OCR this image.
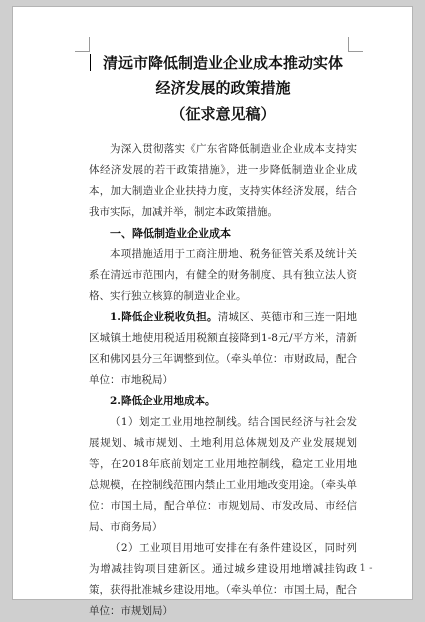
清远市降低制造业企业成本推动实体
经济发展的政策措施
（征求意见稿）

为深入贯彻落实《广东省降低制造业企业成本支持实体经济发展的若干政策措施》，进一步降低制造业企业成本，加大制造业企业扶持力度，支持实体经济发展，结合我市实际，加减并举，制定本政策措施。

一、降低制造业企业成本

本项措施适用于工商注册地、税务征管关系及统计关系在清远市范围内，有健全的财务制度、具有独立法人资格、实行独立核算的制造业企业。

1.降低企业税收负担。清城区、英德市和三连一阳地区城镇土地使用税适用税额直接降到1-8元/平方米，清新区和佛冈县分三年调整到位。（牵头单位：市财政局，配合单位：市地税局）

2.降低企业用地成本。

（1）划定工业用地控制线。结合国民经济与社会发展规划、城市规划、土地利用总体规划及产业发展规划等，在2018年底前划定工业用地控制线，稳定工业用地总规模，在控制线范围内禁止工业用地改变用途。（牵头单位：市国土局，配合单位：市规划局、市发改局、市经信局、市商务局）

（2）工业项目用地可安排在有条件建设区，同时列为增减挂钩项目建新区。通过城乡建设用地增减挂钩政策，获得批准城乡建设用地。（牵头单位：市国土局，配合单位：市规划局）

- 1 -
